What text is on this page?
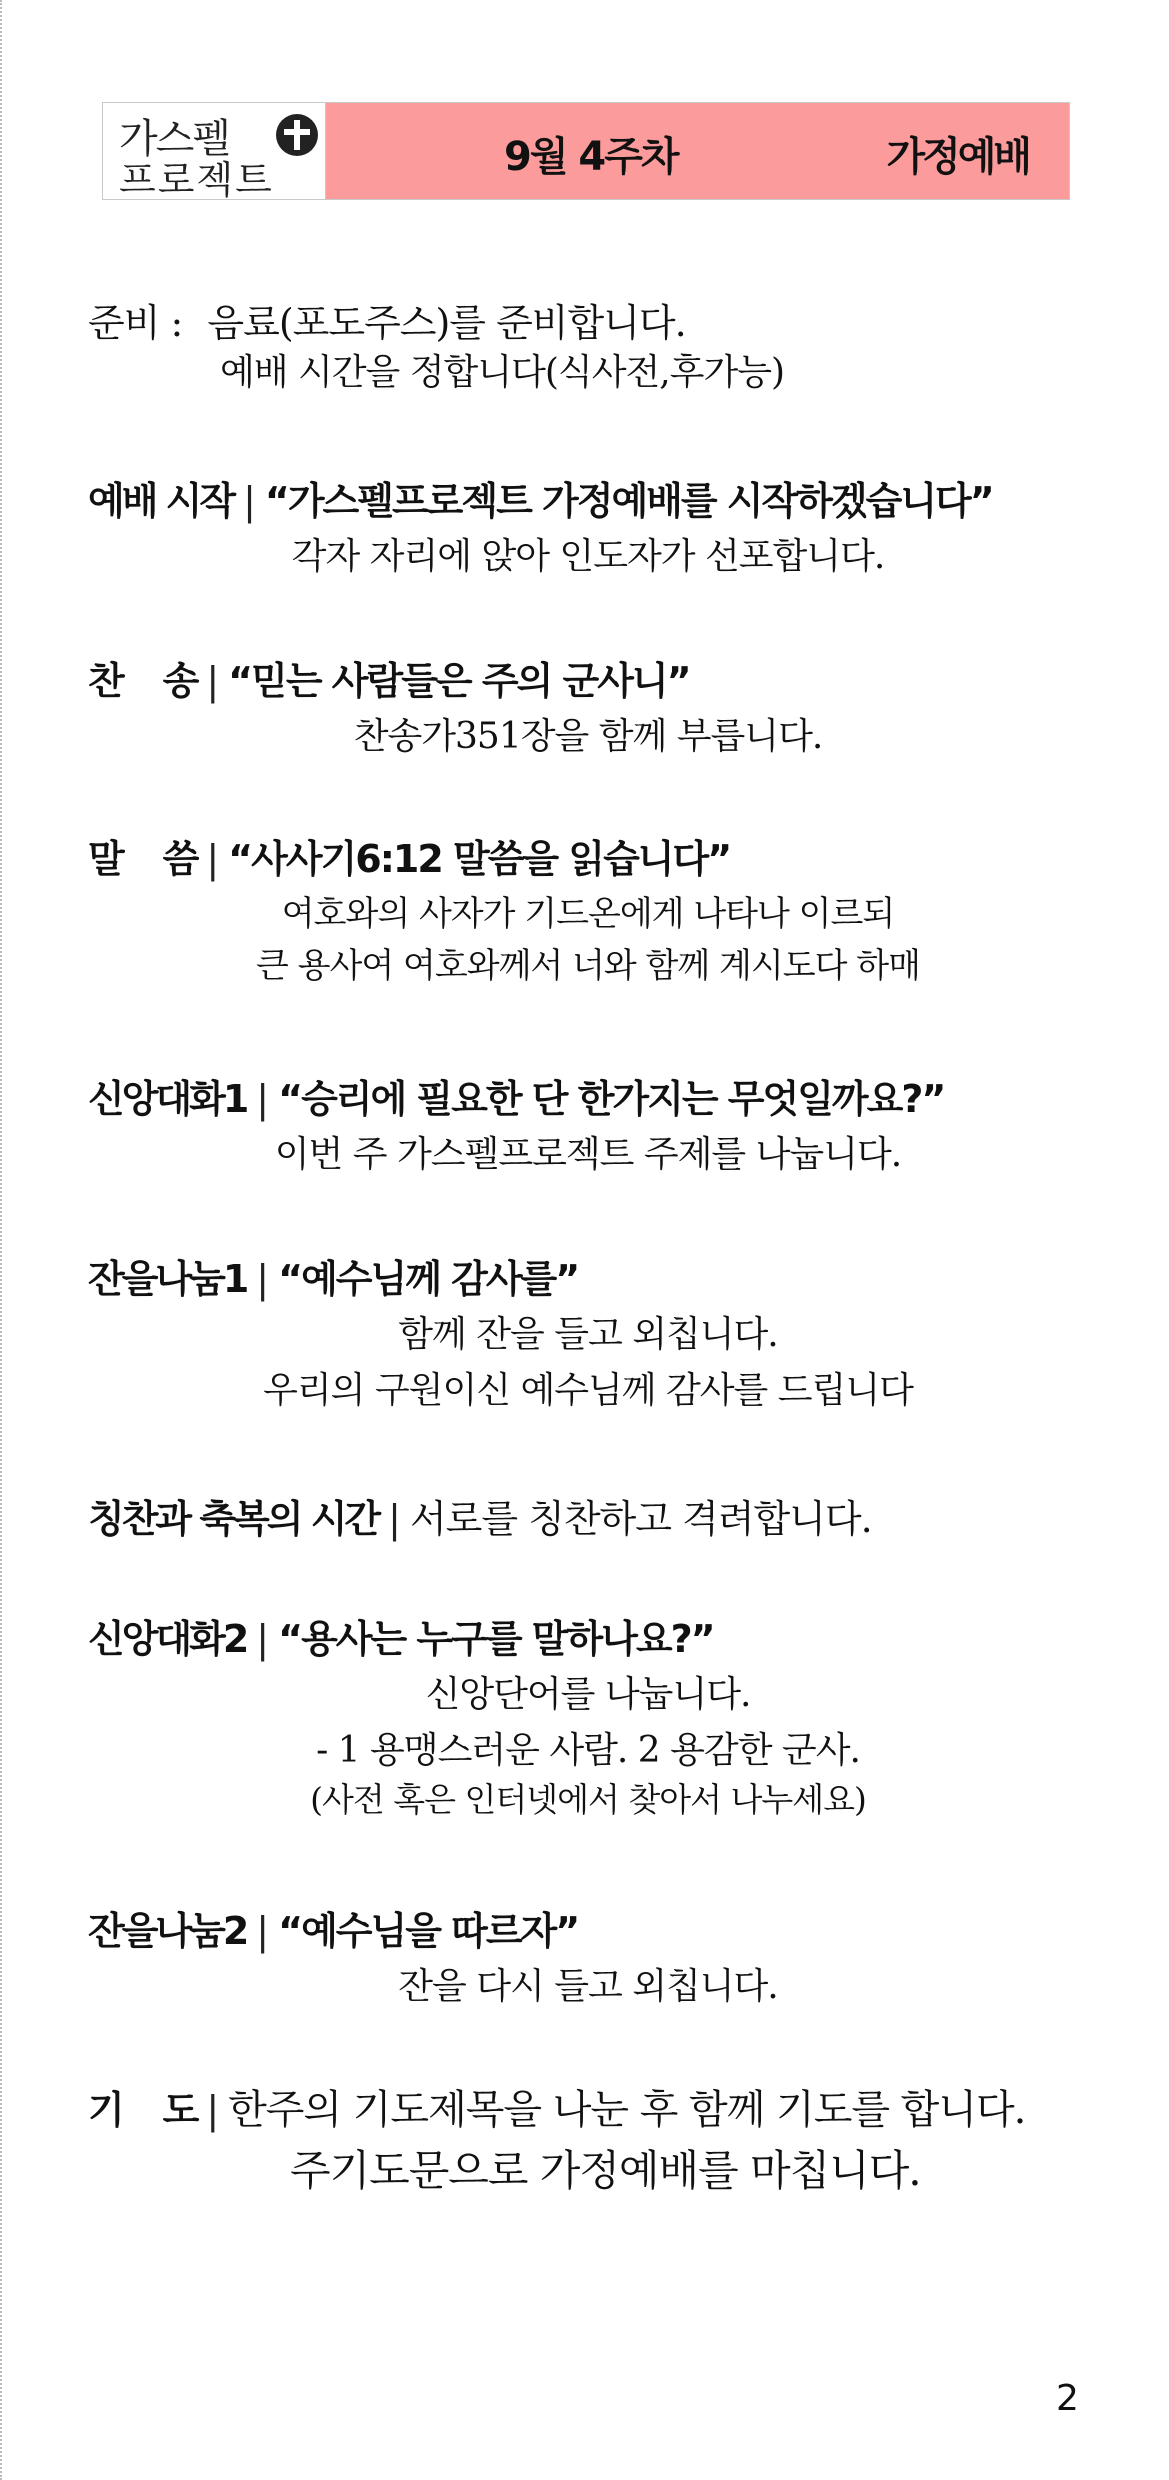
가스펠
프로젝트	9월 4주차	가정예배
준비 : 음료(포도주스)를 준비합니다.
예배 시간을 정합니다(식사전,후가능)
예배 시작 | “가스펠프로젝트 가정예배를 시작하겠습니다”
각자 자리에 앉아 인도자가 선포합니다.
찬    송 | “믿는 사람들은 주의 군사니”
찬송가351장을 함께 부릅니다.
말    씀 | “사사기6:12 말씀을 읽습니다”
여호와의 사자가 기드온에게 나타나 이르되
큰 용사여 여호와께서 너와 함께 계시도다 하매
신앙대화1 | “승리에 필요한 단 한가지는 무엇일까요?”
이번 주 가스펠프로젝트 주제를 나눕니다.
잔을나눔1 | “예수님께 감사를”
함께 잔을 들고 외칩니다.
우리의 구원이신 예수님께 감사를 드립니다
칭찬과 축복의 시간 | 서로를 칭찬하고 격려합니다.
신앙대화2 | “용사는 누구를 말하나요?”
신앙단어를 나눕니다.
- 1 용맹스러운 사람. 2 용감한 군사.
(사전 혹은 인터넷에서 찾아서 나누세요)
잔을나눔2 | “예수님을 따르자”
잔을 다시 들고 외칩니다.
기    도 | 한주의 기도제목을 나눈 후 함께 기도를 합니다.
주기도문으로 가정예배를 마칩니다.
2
